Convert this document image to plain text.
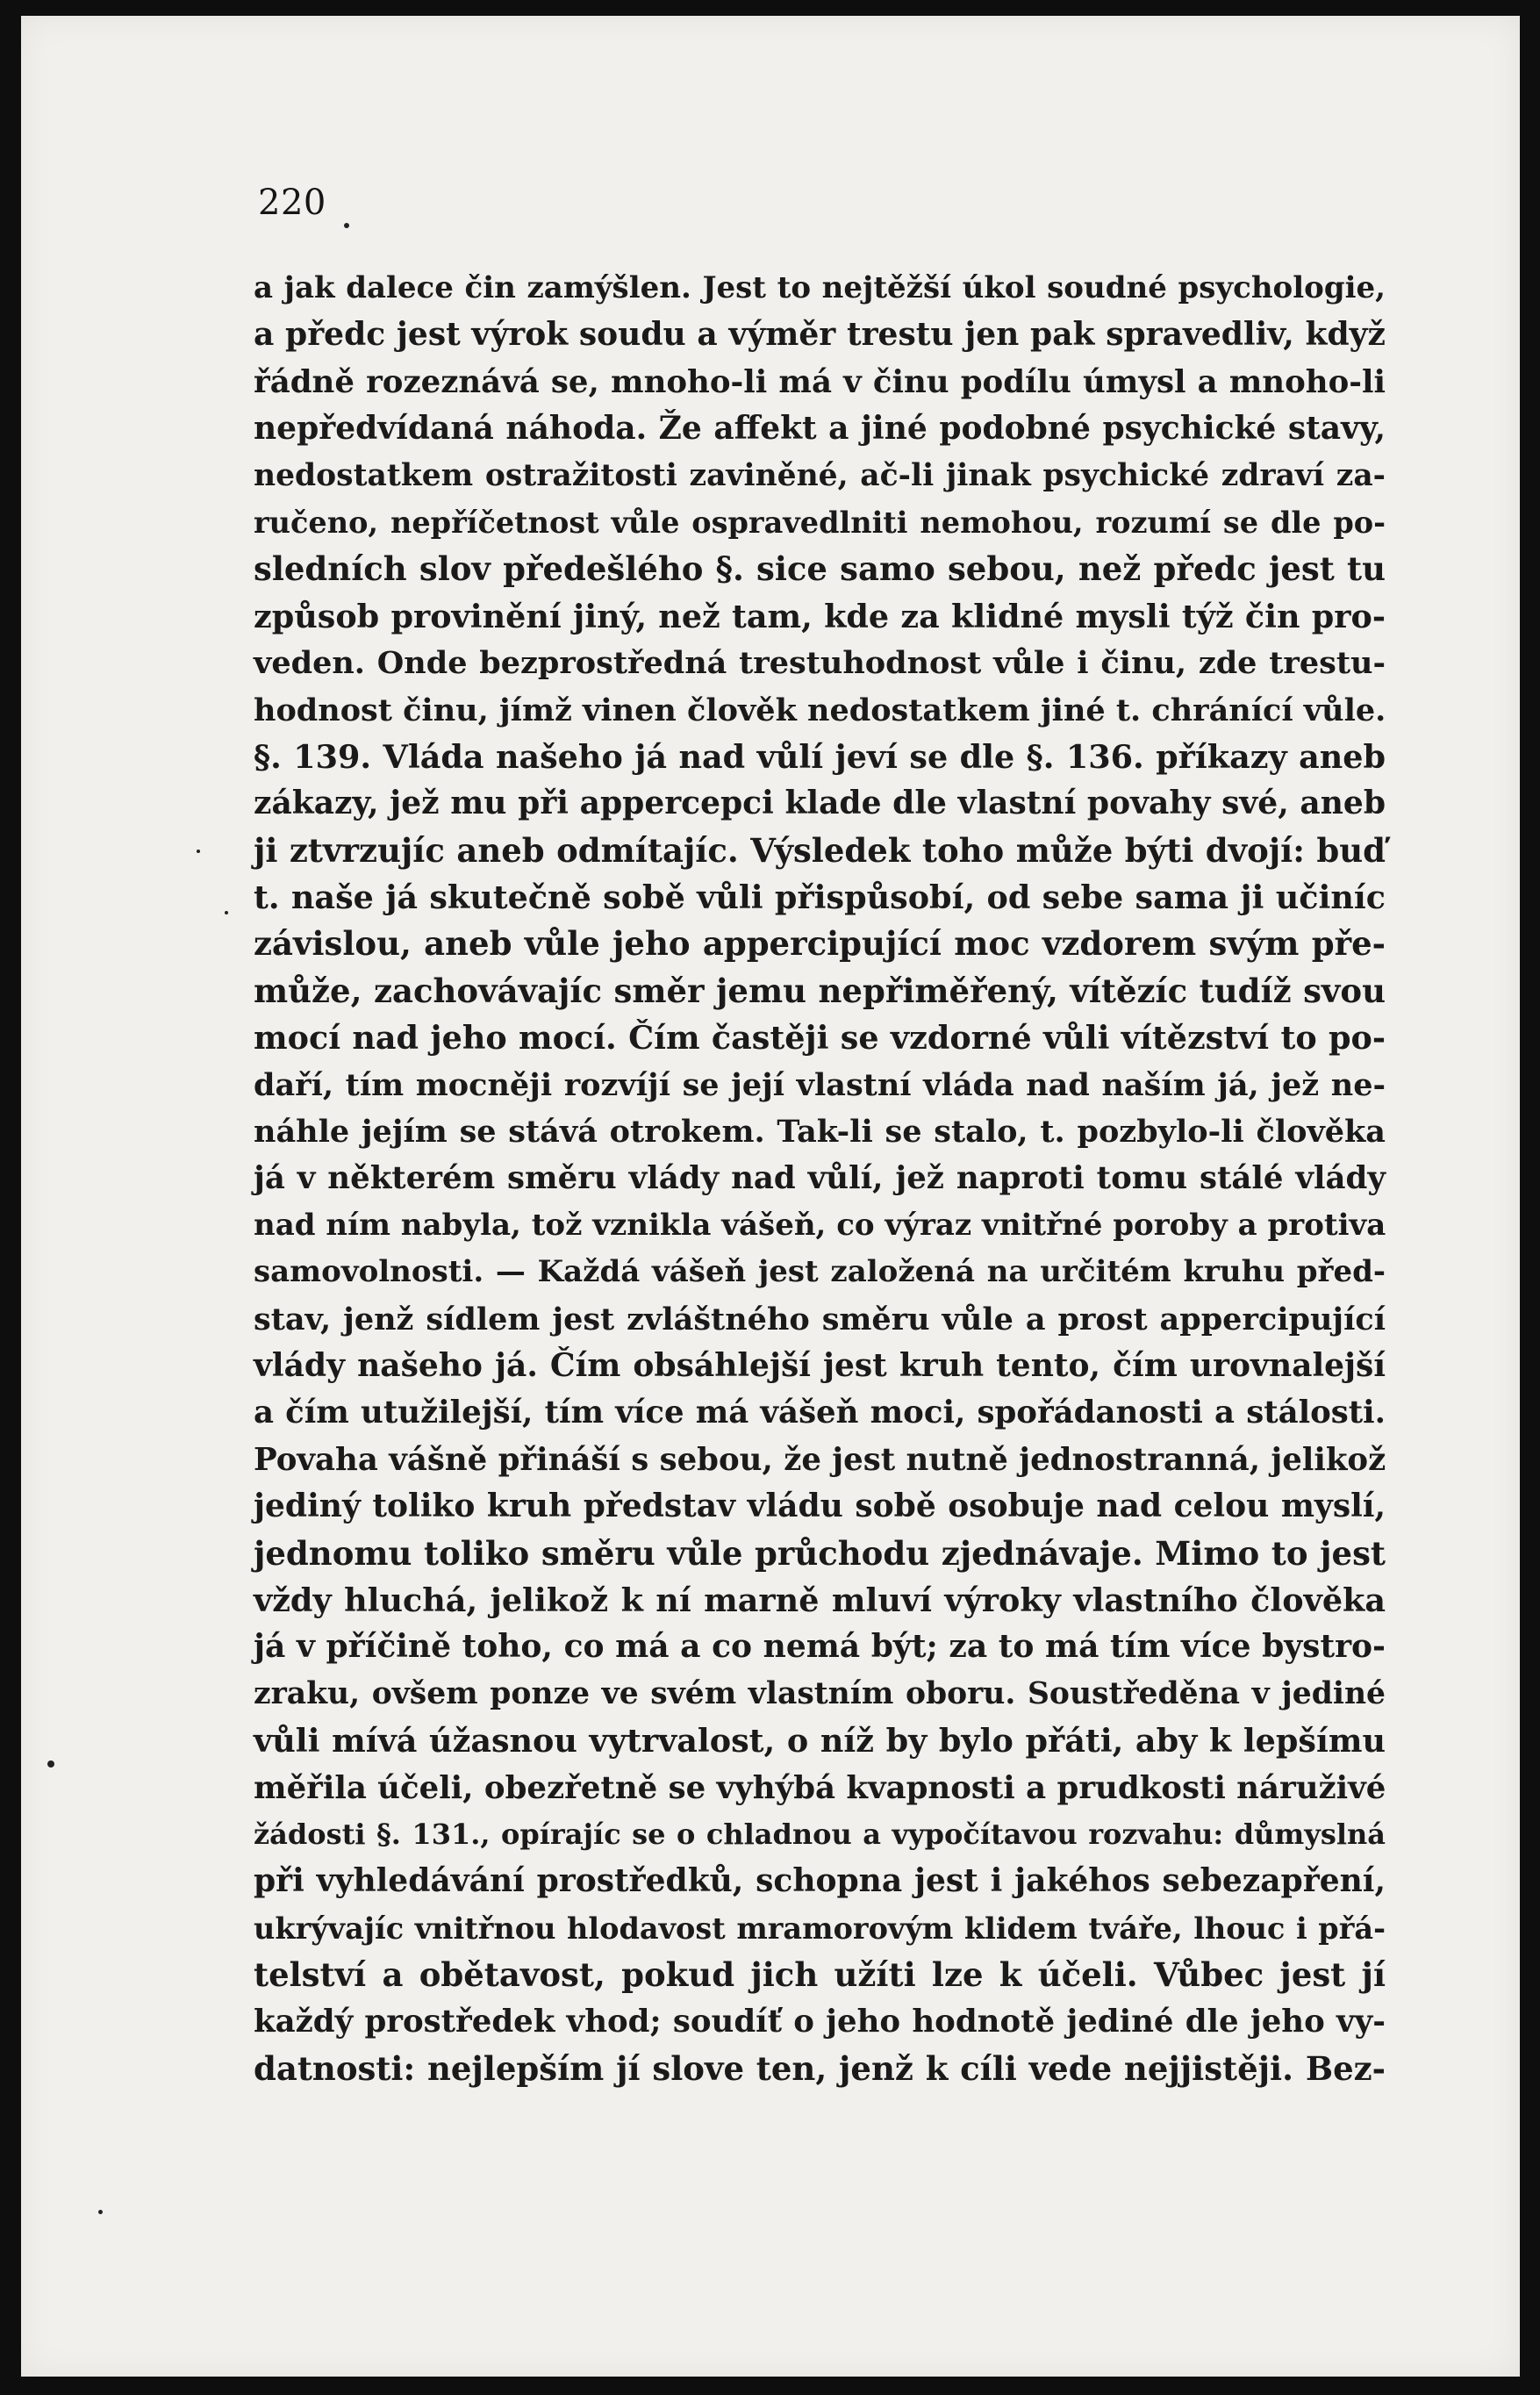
220
a jak dalece čin zamýšlen. Jest to nejtěžší úkol soudné psychologie,
a předc jest výrok soudu a výměr trestu jen pak spravedliv, když
řádně rozeznává se, mnoho-li má v činu podílu úmysl a mnoho-li
nepředvídaná náhoda. Že affekt a jiné podobné psychické stavy,
nedostatkem ostražitosti zaviněné, ač-li jinak psychické zdraví za-
ručeno, nepříčetnost vůle ospravedlniti nemohou, rozumí se dle po-
sledních slov předešlého §. sice samo sebou, než předc jest tu
způsob provinění jiný, než tam, kde za klidné mysli týž čin pro-
veden. Onde bezprostředná trestuhodnost vůle i činu, zde trestu-
hodnost činu, jímž vinen člověk nedostatkem jiné t. chránící vůle.
§. 139. Vláda našeho já nad vůlí jeví se dle §. 136. příkazy aneb
zákazy, jež mu při appercepci klade dle vlastní povahy své, aneb
ji ztvrzujíc aneb odmítajíc. Výsledek toho může býti dvojí: buď
t. naše já skutečně sobě vůli přispůsobí, od sebe sama ji učiníc
závislou, aneb vůle jeho appercipující moc vzdorem svým pře-
může, zachovávajíc směr jemu nepřiměřený, vítězíc tudíž svou
mocí nad jeho mocí. Čím častěji se vzdorné vůli vítězství to po-
daří, tím mocněji rozvíjí se její vlastní vláda nad naším já, jež ne-
náhle jejím se stává otrokem. Tak-li se stalo, t. pozbylo-li člověka
já v některém směru vlády nad vůlí, jež naproti tomu stálé vlády
nad ním nabyla, tož vznikla vášeň, co výraz vnitřné poroby a protiva
samovolnosti. — Každá vášeň jest založená na určitém kruhu před-
stav, jenž sídlem jest zvláštného směru vůle a prost appercipující
vlády našeho já. Čím obsáhlejší jest kruh tento, čím urovnalejší
a čím utužilejší, tím více má vášeň moci, spořádanosti a stálosti.
Povaha vášně přináší s sebou, že jest nutně jednostranná, jelikož
jediný toliko kruh představ vládu sobě osobuje nad celou myslí,
jednomu toliko směru vůle průchodu zjednávaje. Mimo to jest
vždy hluchá, jelikož k ní marně mluví výroky vlastního člověka
já v příčině toho, co má a co nemá být; za to má tím více bystro-
zraku, ovšem ponze ve svém vlastním oboru. Soustředěna v jediné
vůli mívá úžasnou vytrvalost, o níž by bylo přáti, aby k lepšímu
měřila účeli, obezřetně se vyhýbá kvapnosti a prudkosti náruživé
žádosti §. 131., opírajíc se o chladnou a vypočítavou rozvahu: důmyslná
při vyhledávání prostředků, schopna jest i jakéhos sebezapření,
ukrývajíc vnitřnou hlodavost mramorovým klidem tváře, lhouc i přá-
telství a obětavost, pokud jich užíti lze k účeli. Vůbec jest jí
každý prostředek vhod; soudíť o jeho hodnotě jediné dle jeho vy-
datnosti: nejlepším jí slove ten, jenž k cíli vede nejjistěji. Bez-
